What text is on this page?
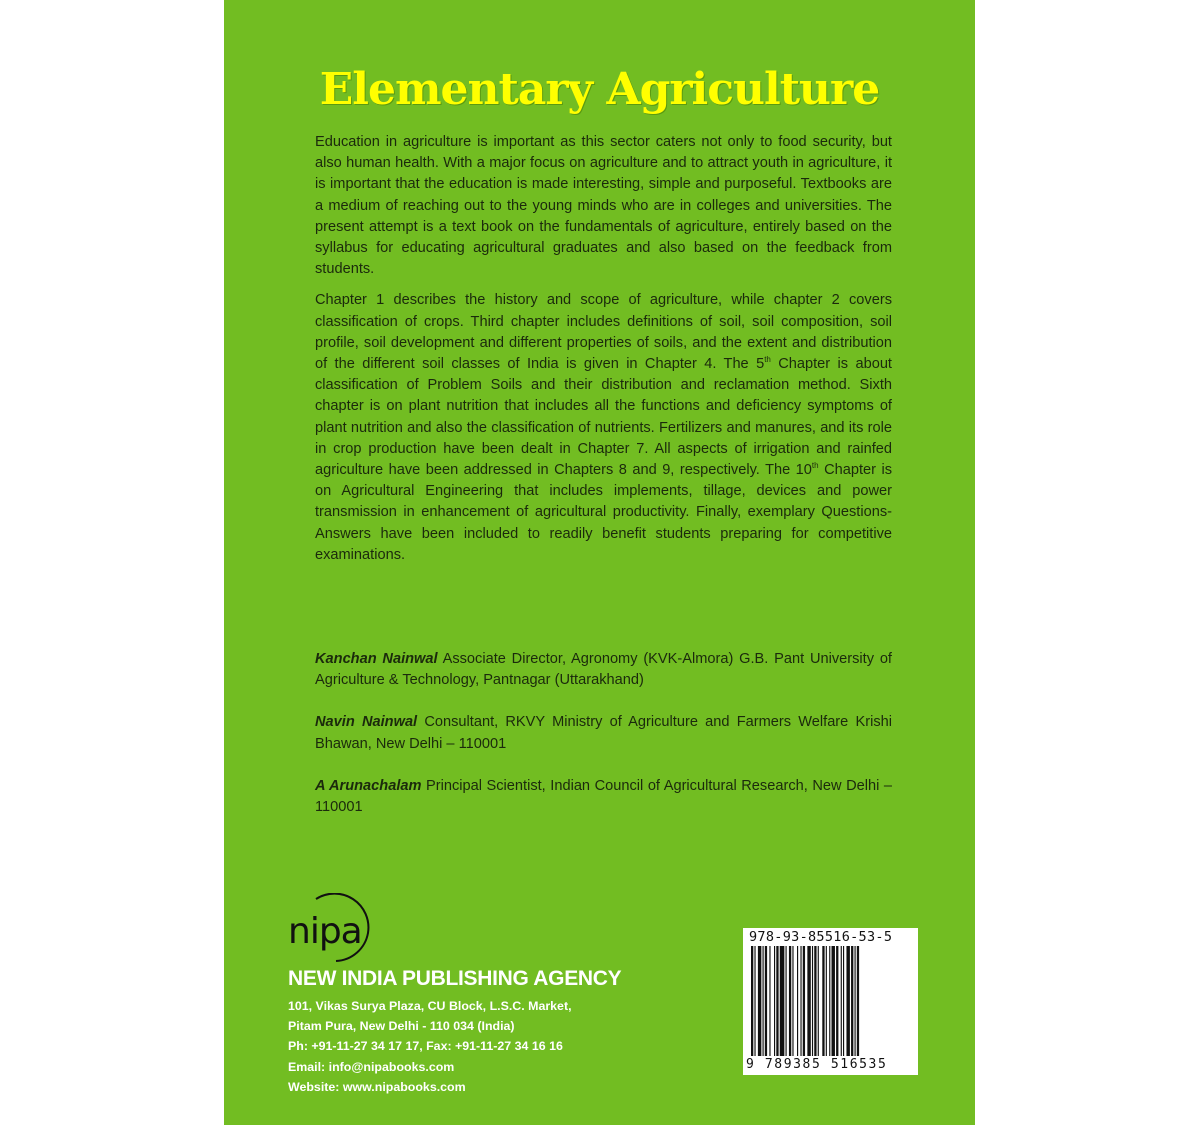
Elementary Agriculture

Education in agriculture is important as this sector caters not only to food security, but also human health. With a major focus on agriculture and to attract youth in agriculture, it is important that the education is made interesting, simple and purposeful. Textbooks are a medium of reaching out to the young minds who are in colleges and universities. The present attempt is a text book on the fundamentals of agriculture, entirely based on the syllabus for educating agricultural graduates and also based on the feedback from students.

Chapter 1 describes the history and scope of agriculture, while chapter 2 covers classification of crops. Third chapter includes definitions of soil, soil composition, soil profile, soil development and different properties of soils, and the extent and distribution of the different soil classes of India is given in Chapter 4. The 5th Chapter is about classification of Problem Soils and their distribution and reclamation method. Sixth chapter is on plant nutrition that includes all the functions and deficiency symptoms of plant nutrition and also the classification of nutrients. Fertilizers and manures, and its role in crop production have been dealt in Chapter 7. All aspects of irrigation and rainfed agriculture have been addressed in Chapters 8 and 9, respectively. The 10th Chapter is on Agricultural Engineering that includes implements, tillage, devices and power transmission in enhancement of agricultural productivity. Finally, exemplary Questions-Answers have been included to readily benefit students preparing for competitive examinations.

Kanchan Nainwal Associate Director, Agronomy (KVK-Almora) G.B. Pant University of Agriculture & Technology, Pantnagar (Uttarakhand)

Navin Nainwal Consultant, RKVY Ministry of Agriculture and Farmers Welfare Krishi Bhawan, New Delhi – 110001

A Arunachalam Principal Scientist, Indian Council of Agricultural Research, New Delhi – 110001

nipa
NEW INDIA PUBLISHING AGENCY
101, Vikas Surya Plaza, CU Block, L.S.C. Market,
Pitam Pura, New Delhi - 110 034 (India)
Ph: +91-11-27 34 17 17, Fax: +91-11-27 34 16 16
Email: info@nipabooks.com
Website: www.nipabooks.com
978-93-85516-53-5
9 789385 516535
